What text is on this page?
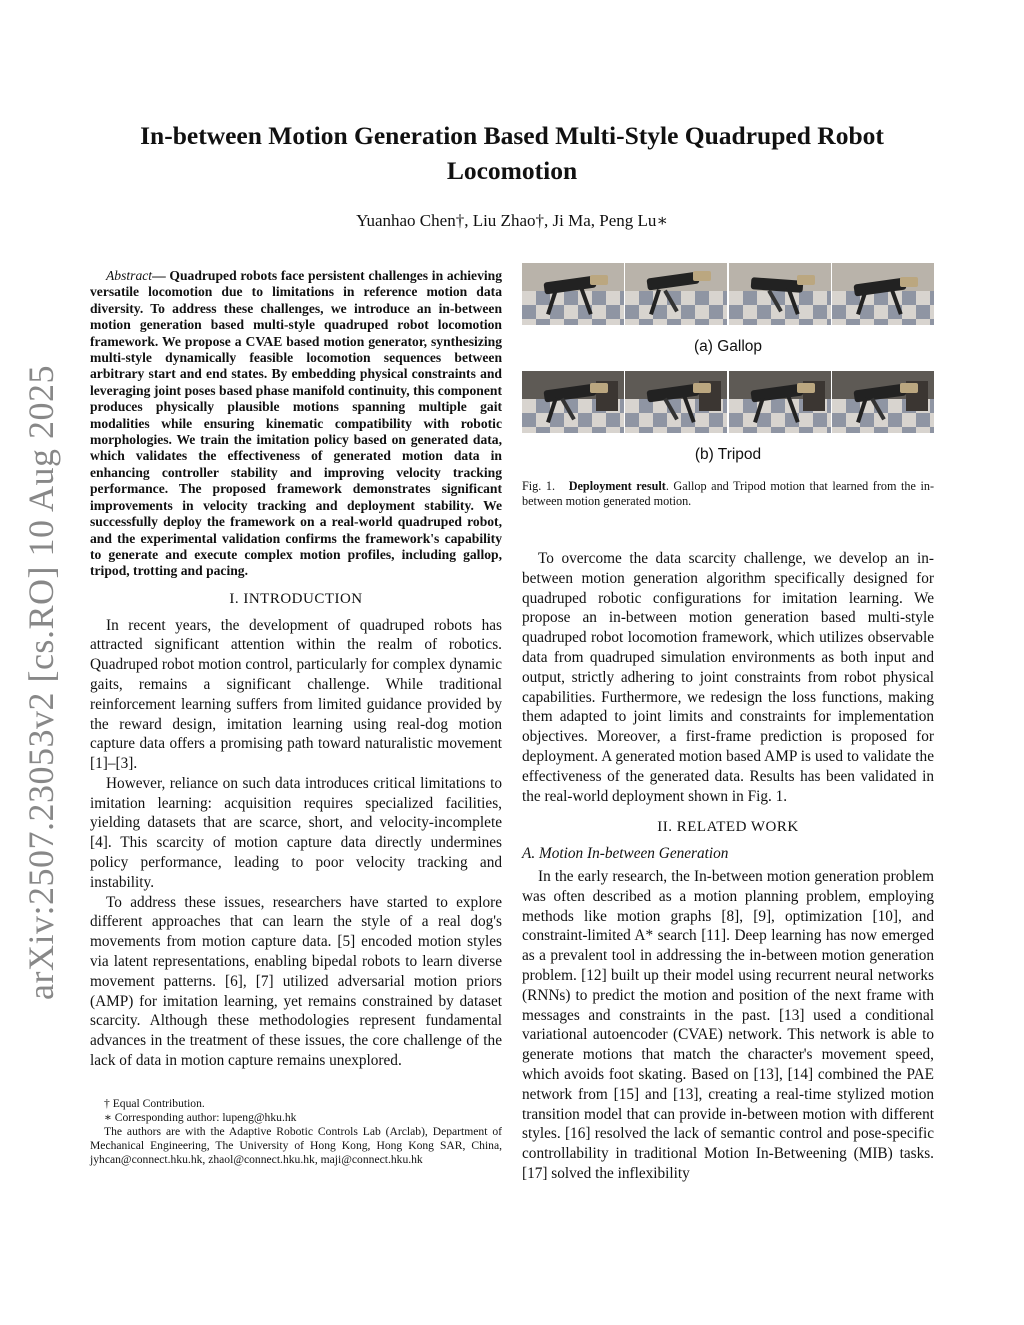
arXiv:2507.23053v2 [cs.RO] 10 Aug 2025
In-between Motion Generation Based Multi-Style Quadruped Robot Locomotion
Yuanhao Chen†, Liu Zhao†, Ji Ma, Peng Lu∗

Abstract— Quadruped robots face persistent challenges in achieving versatile locomotion due to limitations in reference motion data diversity. To address these challenges, we introduce an in-between motion generation based multi-style quadruped robot locomotion framework. We propose a CVAE based motion generator, synthesizing multi-style dynamically feasible locomotion sequences between arbitrary start and end states. By embedding physical constraints and leveraging joint poses based phase manifold continuity, this component produces physically plausible motions spanning multiple gait modalities while ensuring kinematic compatibility with robotic morphologies. We train the imitation policy based on generated data, which validates the effectiveness of generated motion data in enhancing controller stability and improving velocity tracking performance. The proposed framework demonstrates significant improvements in velocity tracking and deployment stability. We successfully deploy the framework on a real-world quadruped robot, and the experimental validation confirms the framework's capability to generate and execute complex motion profiles, including gallop, tripod, trotting and pacing.

I. INTRODUCTION

In recent years, the development of quadruped robots has attracted significant attention within the realm of robotics. Quadruped robot motion control, particularly for complex dynamic gaits, remains a significant challenge. While traditional reinforcement learning suffers from limited guidance provided by the reward design, imitation learning using real-dog motion capture data offers a promising path toward naturalistic movement [1]–[3].

However, reliance on such data introduces critical limitations to imitation learning: acquisition requires specialized facilities, yielding datasets that are scarce, short, and velocity-incomplete [4]. This scarcity of motion capture data directly undermines policy performance, leading to poor velocity tracking and instability.

To address these issues, researchers have started to explore different approaches that can learn the style of a real dog's movements from motion capture data. [5] encoded motion styles via latent representations, enabling bipedal robots to learn diverse movement patterns. [6], [7] utilized adversarial motion priors (AMP) for imitation learning, yet remains constrained by dataset scarcity. Although these methodologies represent fundamental advances in the treatment of these issues, the core challenge of the lack of data in motion capture remains unexplored.

† Equal Contribution.

∗ Corresponding author: lupeng@hku.hk

The authors are with the Adaptive Robotic Controls Lab (Arclab), Department of Mechanical Engineering, The University of Hong Kong, Hong Kong SAR, China, jyhcan@connect.hku.hk, zhaol@connect.hku.hk, maji@connect.hku.hk

(a) Gallop
(b) Tripod

Fig. 1. Deployment result. Gallop and Tripod motion that learned from the in-between motion generated motion.

To overcome the data scarcity challenge, we develop an in-between motion generation algorithm specifically designed for quadruped robotic configurations for imitation learning. We propose an in-between motion generation based multi-style quadruped robot locomotion framework, which utilizes observable data from quadruped simulation environments as both input and output, strictly adhering to joint constraints from robot physical capabilities. Furthermore, we redesign the loss functions, making them adapted to joint limits and constraints for implementation objectives. Moreover, a first-frame prediction is proposed for deployment. A generated motion based AMP is used to validate the effectiveness of the generated data. Results has been validated in the real-world deployment shown in Fig. 1.

II. RELATED WORK
A. Motion In-between Generation

In the early research, the In-between motion generation problem was often described as a motion planning problem, employing methods like motion graphs [8], [9], optimization [10], and constraint-limited A* search [11]. Deep learning has now emerged as a prevalent tool in addressing the in-between motion generation problem. [12] built up their model using recurrent neural networks (RNNs) to predict the motion and position of the next frame with messages and constraints in the past. [13] used a conditional variational autoencoder (CVAE) network. This network is able to generate motions that match the character's movement speed, which avoids foot skating. Based on [13], [14] combined the PAE network from [15] and [13], creating a real-time stylized motion transition model that can provide in-between motion with different styles. [16] resolved the lack of semantic control and pose-specific controllability in traditional Motion In-Betweening (MIB) tasks. [17] solved the inflexibility
